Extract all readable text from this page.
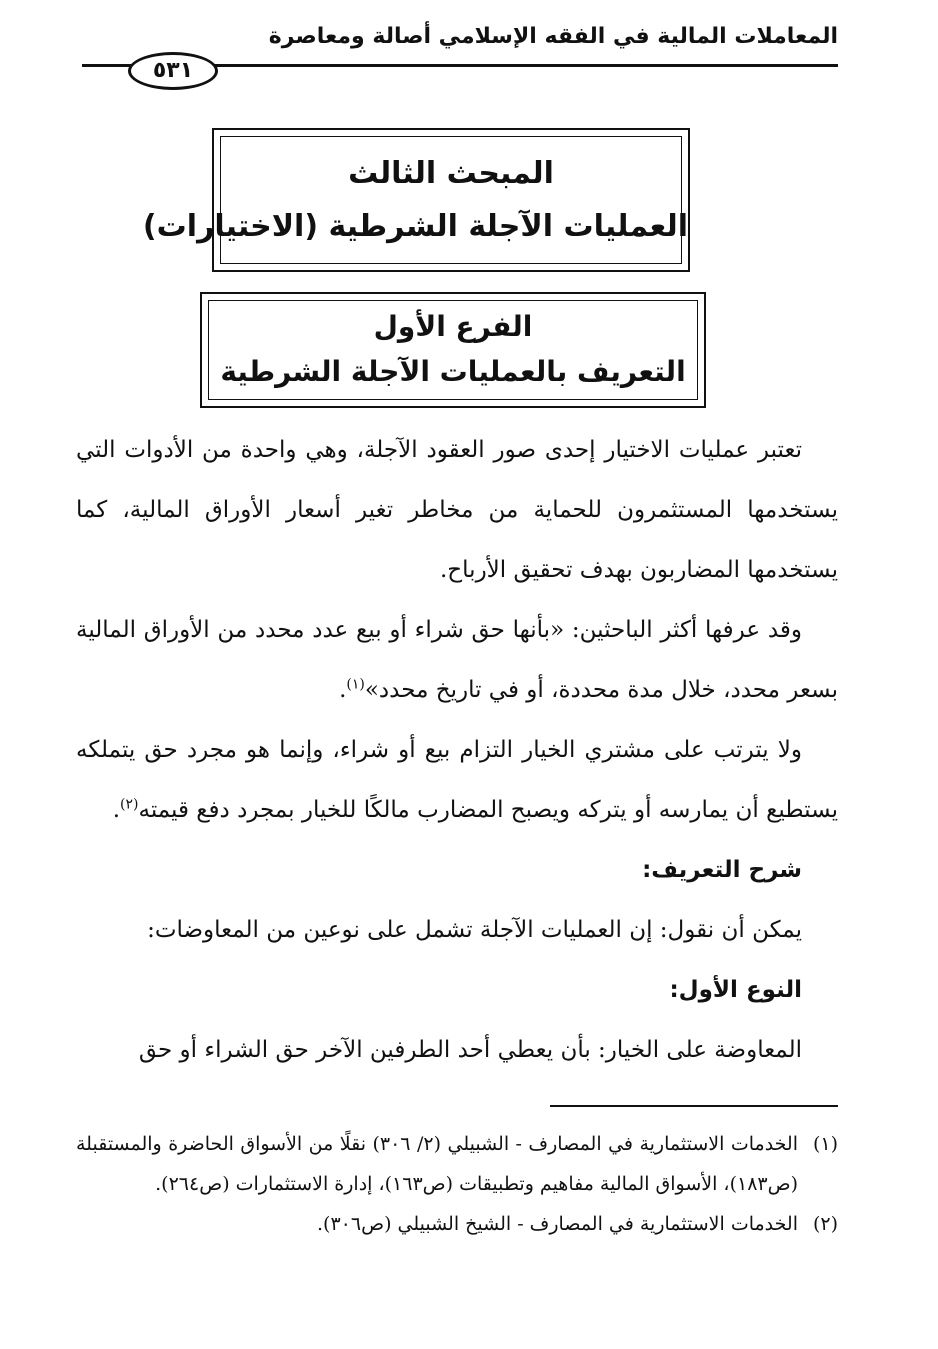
المعاملات المالية في الفقه الإسلامي أصالة ومعاصرة
٥٣١
المبحث الثالث
العمليات الآجلة الشرطية (الاختيارات)
الفرع الأول
التعريف بالعمليات الآجلة الشرطية

تعتبر عمليات الاختيار إحدى صور العقود الآجلة، وهي واحدة من الأدوات التي يستخدمها المستثمرون للحماية من مخاطر تغير أسعار الأوراق المالية، كما يستخدمها المضاربون بهدف تحقيق الأرباح.

وقد عرفها أكثر الباحثين: «بأنها حق شراء أو بيع عدد محدد من الأوراق المالية بسعر محدد، خلال مدة محددة، أو في تاريخ محدد»$^{(١)}$.

ولا يترتب على مشتري الخيار التزام بيع أو شراء، وإنما هو مجرد حق يتملكه يستطيع أن يمارسه أو يتركه ويصبح المضارب مالكًا للخيار بمجرد دفع قيمته$^{(٢)}$.

شرح التعريف:

يمكن أن نقول: إن العمليات الآجلة تشمل على نوعين من المعاوضات:

النوع الأول:

المعاوضة على الخيار: بأن يعطي أحد الطرفين الآخر حق الشراء أو حق

(١)
الخدمات الاستثمارية في المصارف - الشبيلي (٢/ ٣٠٦) نقلًا من الأسواق الحاضرة والمستقبلة (ص١٨٣)، الأسواق المالية مفاهيم وتطبيقات (ص١٦٣)، إدارة الاستثمارات (ص٢٦٤).

(٢)
الخدمات الاستثمارية في المصارف - الشيخ الشبيلي (ص٣٠٦).
